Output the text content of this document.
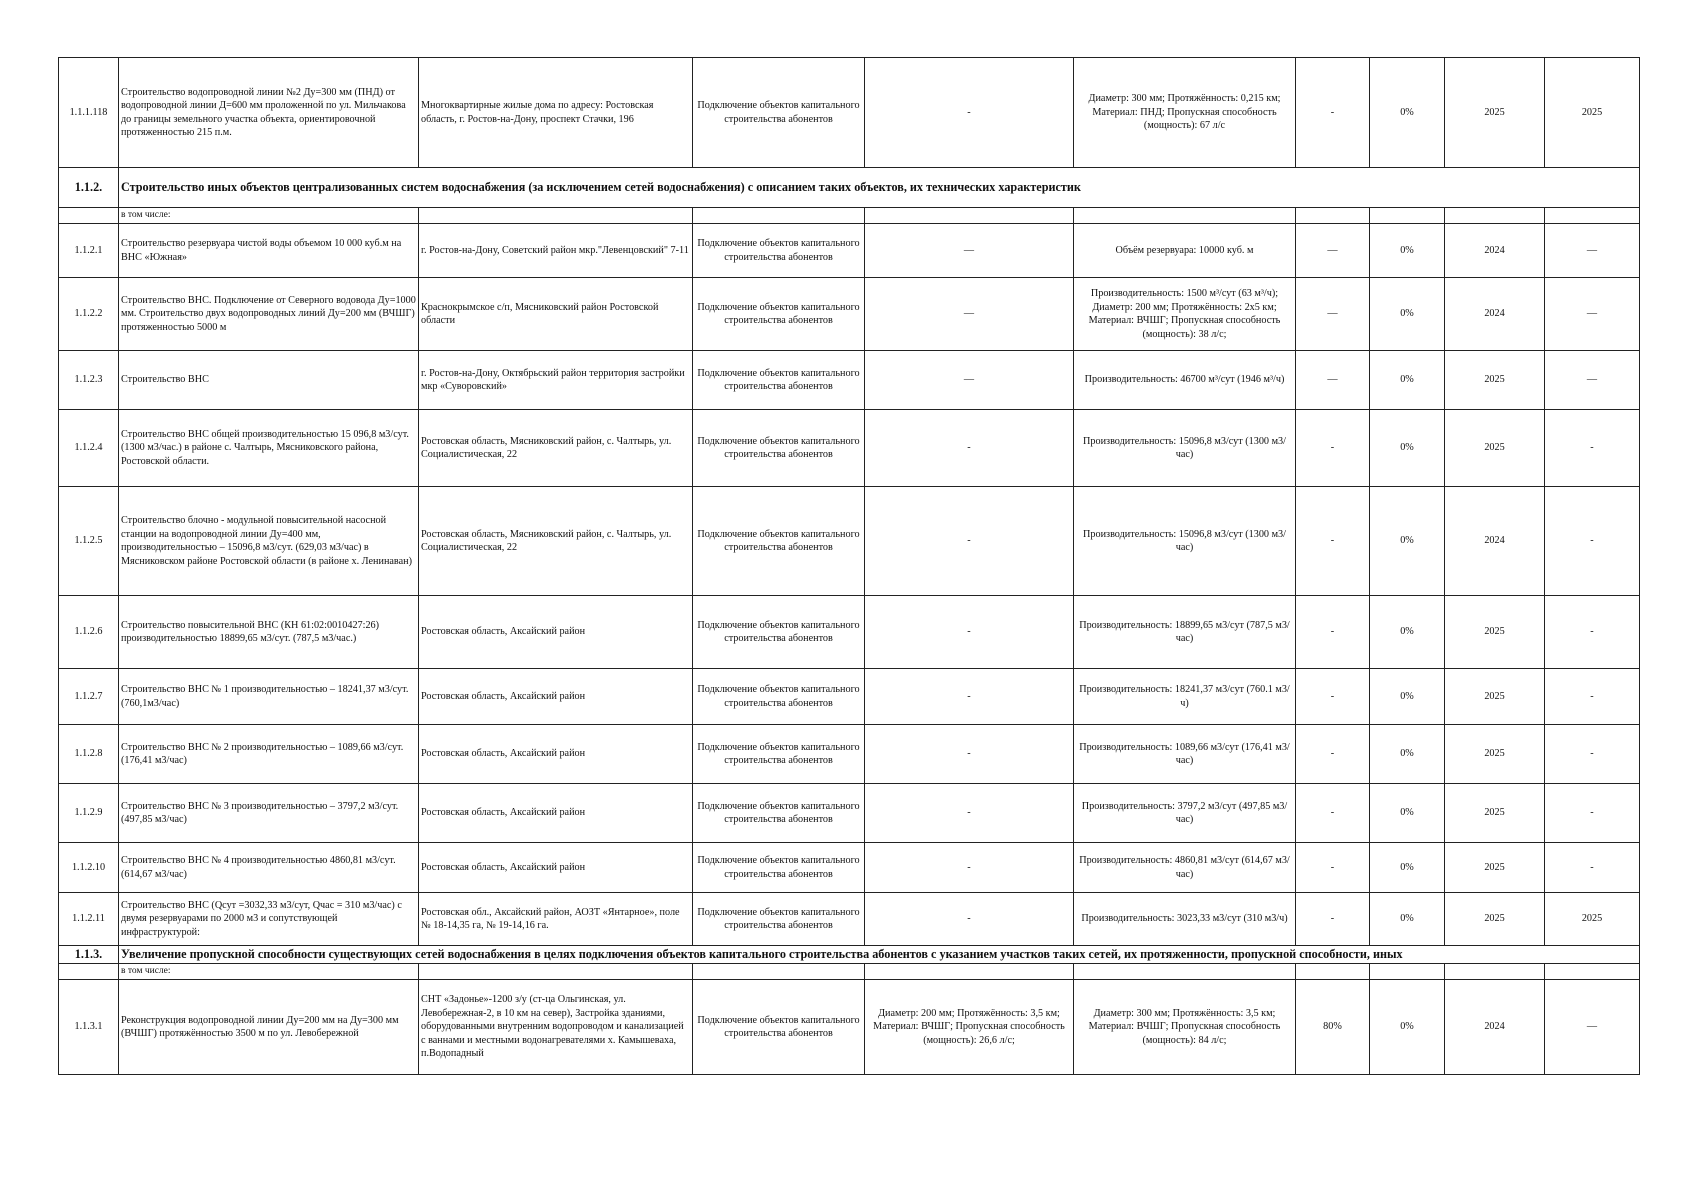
1.1.1.118	Строительство водопроводной линии №2 Ду=300 мм (ПНД) от водопроводной линии Д=600 мм проложенной по ул. Мильчакова до границы земельного участка объекта, ориентировочной протяженностью 215 п.м.	Многоквартирные жилые дома по адресу: Ростовская область, г. Ростов-на-Дону, проспект Стачки, 196	Подключение объектов капитального строительства абонентов	-	Диаметр: 300 мм; Протяжённость: 0,215 км; Материал: ПНД; Пропускная способность (мощность): 67 л/с	-	0%	2025	2025
1.1.2.	Строительство иных объектов централизованных систем водоснабжения (за исключением сетей водоснабжения) с описанием таких объектов, их технических характеристик								
	в том числе:								
1.1.2.1	Строительство резервуара чистой воды объемом 10 000 куб.м на ВНС «Южная»	г. Ростов-на-Дону, Советский район мкр."Левенцовский" 7-11	Подключение объектов капитального строительства абонентов	—	Объём резервуара: 10000 куб. м	—	0%	2024	—
1.1.2.2	Строительство ВНС. Подключение от Северного водовода Ду=1000 мм. Строительство двух водопроводных линий Ду=200 мм (ВЧШГ) протяженностью 5000 м	Краснокрымское с/п, Мясниковский район Ростовской области	Подключение объектов капитального строительства абонентов	—	Производительность: 1500 м³/сут (63 м³/ч); Диаметр: 200 мм; Протяжённость: 2х5 км; Материал: ВЧШГ; Пропускная способность (мощность): 38 л/с;	—	0%	2024	—
1.1.2.3	Строительство ВНС	г. Ростов-на-Дону, Октябрьский район территория застройки мкр «Суворовский»	Подключение объектов капитального строительства абонентов	—	Производительность: 46700 м³/сут (1946 м³/ч)	—	0%	2025	—
1.1.2.4	Строительство ВНС общей производительностью 15 096,8 м3/сут. (1300 м3/час.) в районе с. Чалтырь, Мясниковского района, Ростовской области.	Ростовская область, Мясниковский район, с. Чалтырь, ул. Социалистическая, 22	Подключение объектов капитального строительства абонентов	-	Производительность: 15096,8 м3/сут (1300 м3/час)	-	0%	2025	-
1.1.2.5	Строительство блочно - модульной повысительной насосной станции на водопроводной линии Ду=400 мм, производительностью – 15096,8 м3/сут. (629,03 м3/час) в Мясниковском районе Ростовской области (в районе х. Ленинаван)	Ростовская область, Мясниковский район, с. Чалтырь, ул. Социалистическая, 22	Подключение объектов капитального строительства абонентов	-	Производительность: 15096,8 м3/сут (1300 м3/час)	-	0%	2024	-
1.1.2.6	Строительство повысительной ВНС (КН 61:02:0010427:26) производительностью 18899,65 м3/сут. (787,5 м3/час.)	Ростовская область, Аксайский район	Подключение объектов капитального строительства абонентов	-	Производительность: 18899,65 м3/сут (787,5 м3/час)	-	0%	2025	-
1.1.2.7	Строительство ВНС № 1 производительностью – 18241,37 м3/сут. (760,1м3/час)	Ростовская область, Аксайский район	Подключение объектов капитального строительства абонентов	-	Производительность: 18241,37 м3/сут (760.1 м3/ч)	-	0%	2025	-
1.1.2.8	Строительство ВНС № 2 производительностью – 1089,66 м3/сут. (176,41 м3/час)	Ростовская область, Аксайский район	Подключение объектов капитального строительства абонентов	-	Производительность: 1089,66 м3/сут (176,41 м3/час)	-	0%	2025	-
1.1.2.9	Строительство ВНС № 3 производительностью – 3797,2 м3/сут. (497,85 м3/час)	Ростовская область, Аксайский район	Подключение объектов капитального строительства абонентов	-	Производительность: 3797,2 м3/сут (497,85 м3/час)	-	0%	2025	-
1.1.2.10	Строительство ВНС № 4 производительностью 4860,81 м3/сут. (614,67 м3/час)	Ростовская область, Аксайский район	Подключение объектов капитального строительства абонентов	-	Производительность: 4860,81 м3/сут (614,67 м3/час)	-	0%	2025	-
1.1.2.11	Строительство ВНС (Qсут =3032,33 м3/сут, Qчас = 310 м3/час) с двумя резервуарами по 2000 м3 и сопутствующей инфраструктурой:	Ростовская обл., Аксайский район, АОЗТ «Янтарное», поле № 18-14,35 га, № 19-14,16 га.	Подключение объектов капитального строительства абонентов	-	Производительность: 3023,33 м3/сут (310 м3/ч)	-	0%	2025	2025
1.1.3.	Увеличение пропускной способности существующих сетей водоснабжения в целях подключения объектов капитального строительства абонентов с указанием участков таких сетей, их протяженности, пропускной способности, иных								
	в том числе:								
1.1.3.1	Реконструкция водопроводной линии Ду=200 мм на Ду=300 мм (ВЧШГ) протяжённостью 3500 м по ул. Левобережной	СНТ «Задонье»-1200 з/у (ст-ца Ольгинская, ул. Левобережная-2, в 10 км на север), Застройка зданиями, оборудованными внутренним водопроводом и канализацией с ваннами и местными водонагревателями х. Камышеваха, п.Водопадный	Подключение объектов капитального строительства абонентов	Диаметр: 200 мм; Протяжённость: 3,5 км; Материал: ВЧШГ; Пропускная способность (мощность): 26,6 л/с;	Диаметр: 300 мм; Протяжённость: 3,5 км; Материал: ВЧШГ; Пропускная способность (мощность): 84 л/с;	80%	0%	2024	—
